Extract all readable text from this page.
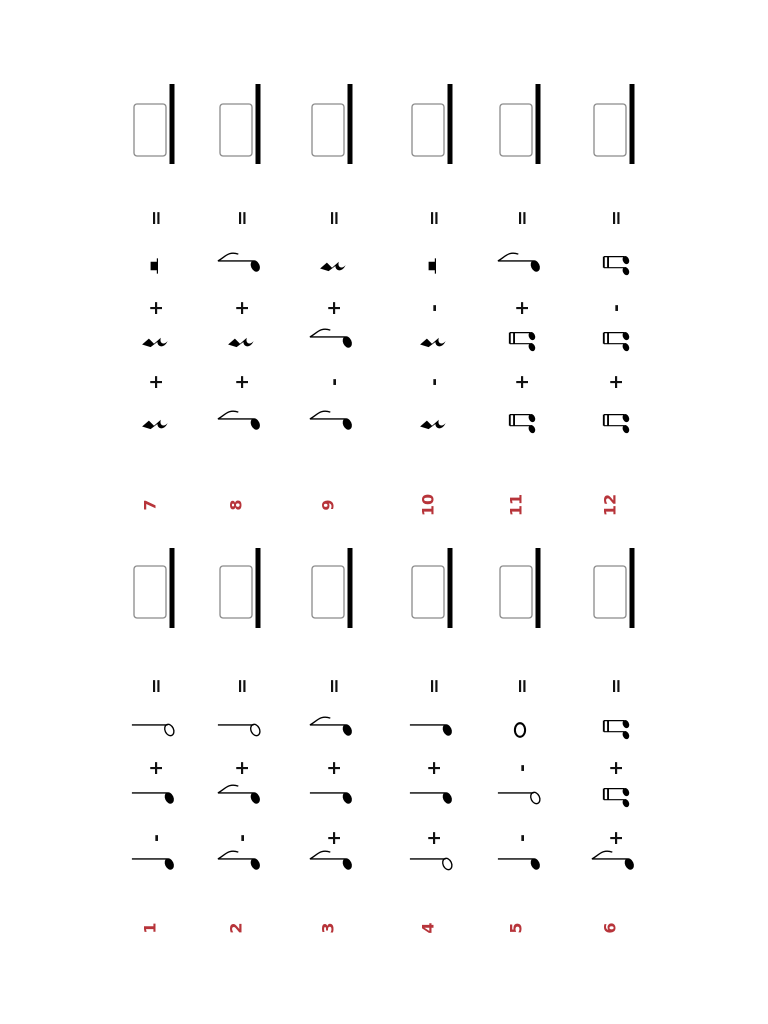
7
+
+
=
8
+
+
=
9
-
+
=
10
-
-
=
11
+
+
=
12
+
-
=
1
-
+
=
2
-
+
=
3
+
+
=
4
+
+
=
5
-
-
=
6
+
+
=
